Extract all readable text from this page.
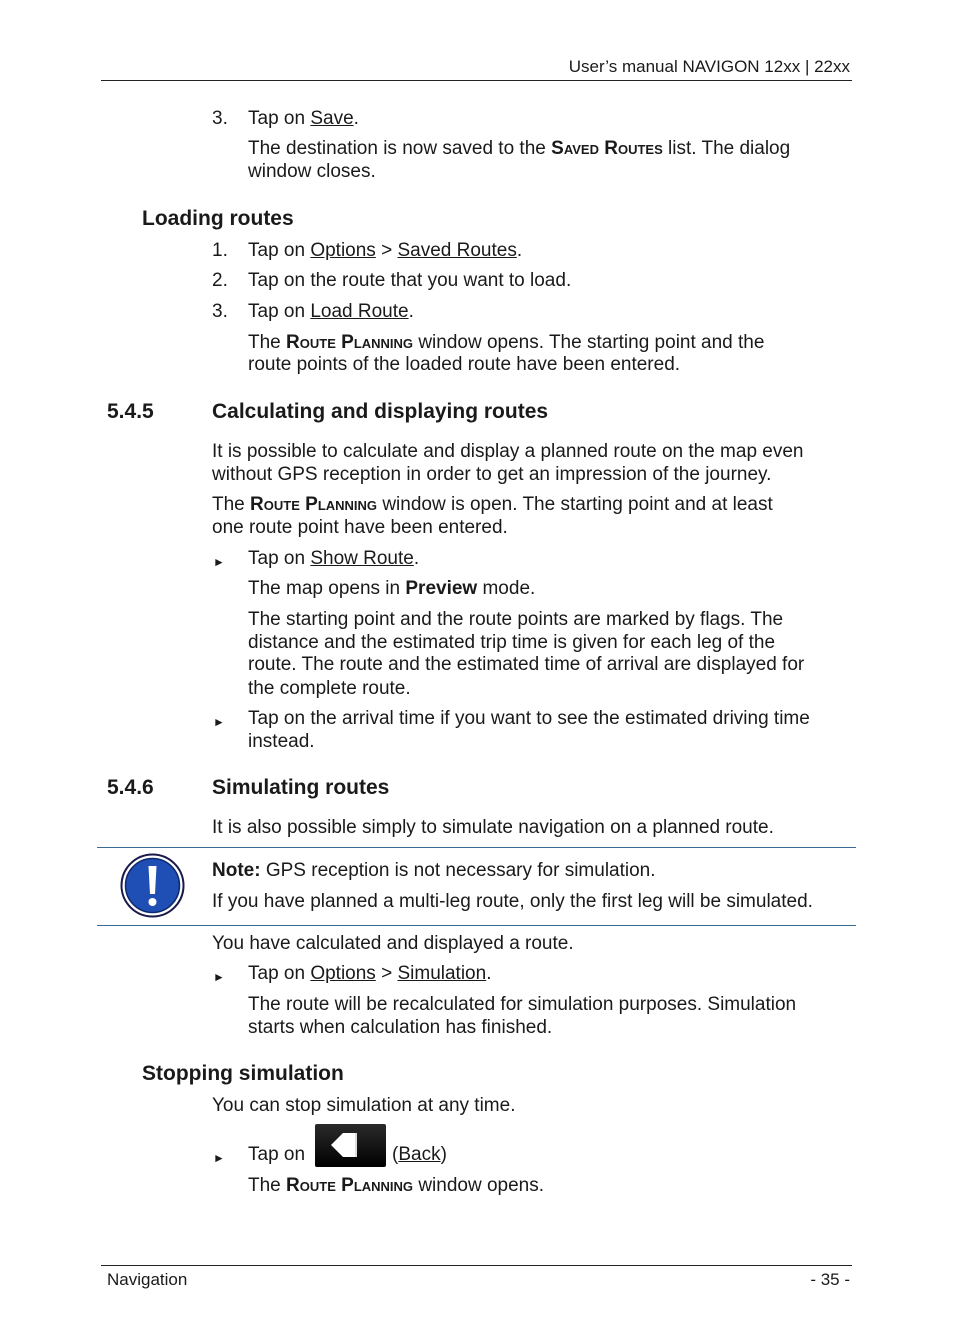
User’s manual NAVIGON 12xx | 22xx
3. Tap on Save.
The destination is now saved to the Saved Routes list. The dialog
window closes.
Loading routes
1. Tap on Options > Saved Routes.
2. Tap on the route that you want to load.
3. Tap on Load Route.
The Route Planning window opens. The starting point and the
route points of the loaded route have been entered.
5.4.5	Calculating and displaying routes
It is possible to calculate and display a planned route on the map even
without GPS reception in order to get an impression of the journey.
The Route Planning window is open. The starting point and at least
one route point have been entered.
► Tap on Show Route.
The map opens in Preview mode.
The starting point and the route points are marked by flags. The
distance and the estimated trip time is given for each leg of the
route. The route and the estimated time of arrival are displayed for
the complete route.
► Tap on the arrival time if you want to see the estimated driving time
instead.
5.4.6	Simulating routes
It is also possible simply to simulate navigation on a planned route.
Note: GPS reception is not necessary for simulation.
If you have planned a multi-leg route, only the first leg will be simulated.
You have calculated and displayed a route.
► Tap on Options > Simulation.
The route will be recalculated for simulation purposes. Simulation
starts when calculation has finished.
Stopping simulation
You can stop simulation at any time.
► Tap on	(Back)
The Route Planning window opens.
Navigation	- 35 -
